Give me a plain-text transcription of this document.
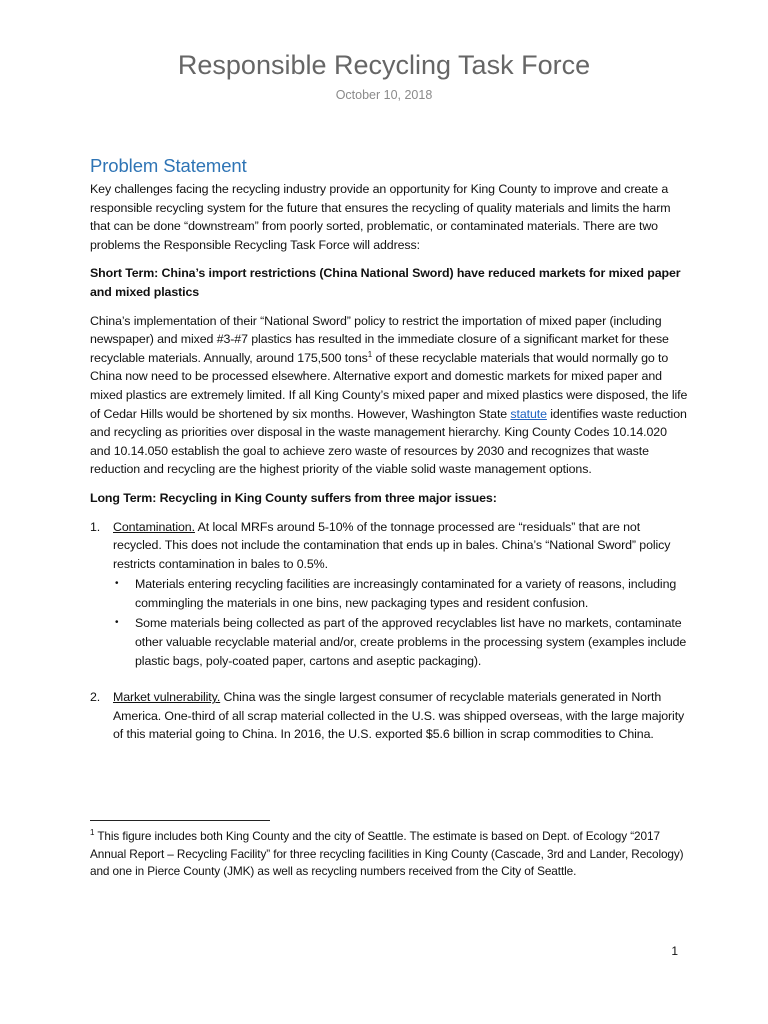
Responsible Recycling Task Force
October 10, 2018
Problem Statement

Key challenges facing the recycling industry provide an opportunity for King County to improve and create a responsible recycling system for the future that ensures the recycling of quality materials and limits the harm that can be done “downstream” from poorly sorted, problematic, or contaminated materials. There are two problems the Responsible Recycling Task Force will address:

Short Term: China’s import restrictions (China National Sword) have reduced markets for mixed paper and mixed plastics

China’s implementation of their “National Sword” policy to restrict the importation of mixed paper (including newspaper) and mixed #3-#7 plastics has resulted in the immediate closure of a significant market for these recyclable materials. Annually, around 175,500 tons$^1$ of these recyclable materials that would normally go to China now need to be processed elsewhere. Alternative export and domestic markets for mixed paper and mixed plastics are extremely limited. If all King County’s mixed paper and mixed plastics were disposed, the life of Cedar Hills would be shortened by six months. However, Washington State statute identifies waste reduction and recycling as priorities over disposal in the waste management hierarchy. King County Codes 10.14.020 and 10.14.050 establish the goal to achieve zero waste of resources by 2030 and recognizes that waste reduction and recycling are the highest priority of the viable solid waste management options.

Long Term: Recycling in King County suffers from three major issues:

1. Contamination. At local MRFs around 5-10% of the tonnage processed are “residuals” that are not recycled. This does not include the contamination that ends up in bales. China’s “National Sword” policy restricts contamination in bales to 0.5%.
• Materials entering recycling facilities are increasingly contaminated for a variety of reasons, including commingling the materials in one bins, new packaging types and resident confusion.
• Some materials being collected as part of the approved recyclables list have no markets, contaminate other valuable recyclable material and/or, create problems in the processing system (examples include plastic bags, poly-coated paper, cartons and aseptic packaging).
2. Market vulnerability. China was the single largest consumer of recyclable materials generated in North America. One-third of all scrap material collected in the U.S. was shipped overseas, with the large majority of this material going to China. In 2016, the U.S. exported $5.6 billion in scrap commodities to China.
$^1$ This figure includes both King County and the city of Seattle. The estimate is based on Dept. of Ecology “2017 Annual Report – Recycling Facility” for three recycling facilities in King County (Cascade, 3rd and Lander, Recology) and one in Pierce County (JMK) as well as recycling numbers received from the City of Seattle.
1
